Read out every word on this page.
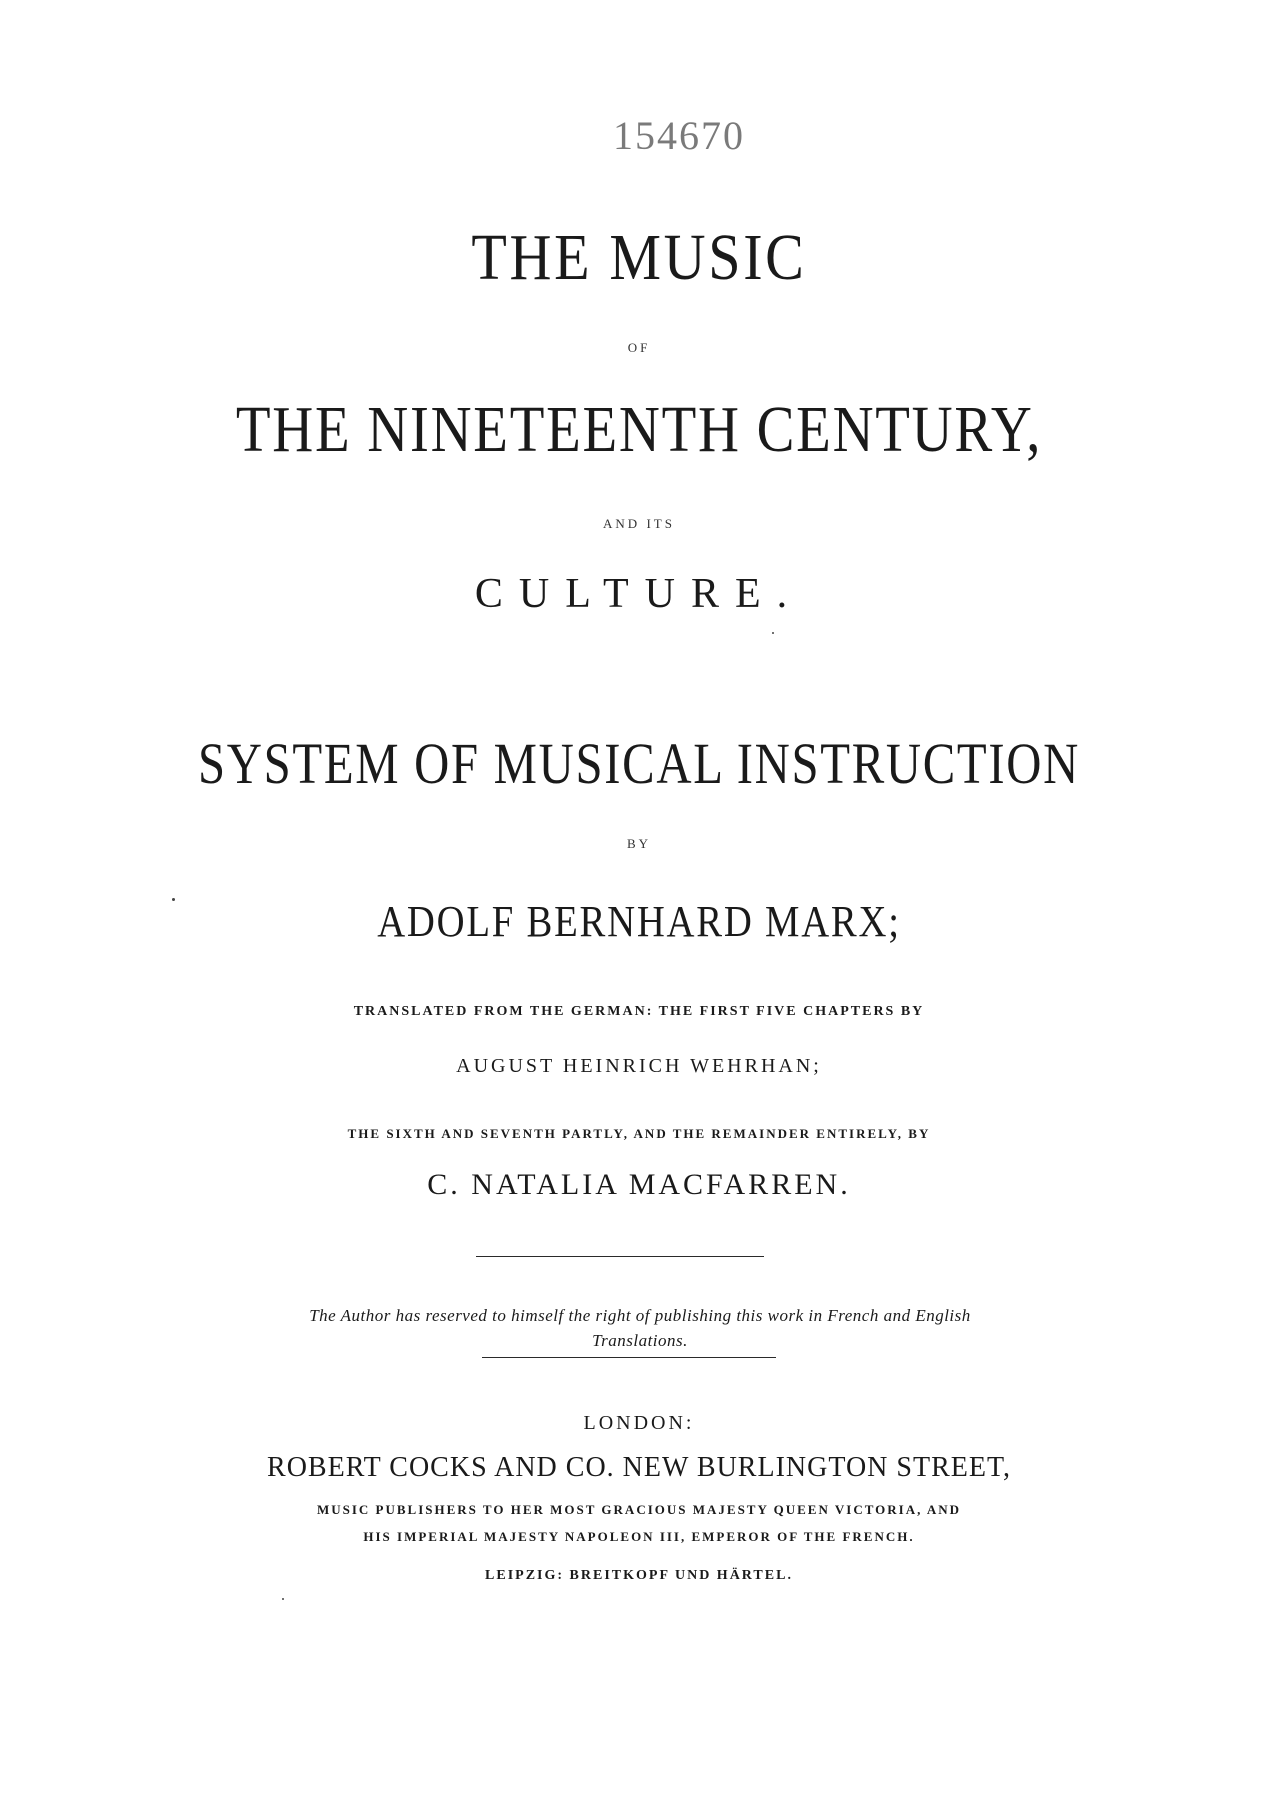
154670

THE MUSIC

OF

THE NINETEENTH CENTURY,

AND ITS

CULTURE.

SYSTEM OF MUSICAL INSTRUCTION

BY

ADOLF BERNHARD MARX;

TRANSLATED FROM THE GERMAN: THE FIRST FIVE CHAPTERS BY

AUGUST HEINRICH WEHRHAN;

THE SIXTH AND SEVENTH PARTLY, AND THE REMAINDER ENTIRELY, BY

C. NATALIA MACFARREN.

The Author has reserved to himself the right of publishing this work in French and English Translations.

LONDON:

ROBERT COCKS AND CO. NEW BURLINGTON STREET,

MUSIC PUBLISHERS TO HER MOST GRACIOUS MAJESTY QUEEN VICTORIA, AND

HIS IMPERIAL MAJESTY NAPOLEON III, EMPEROR OF THE FRENCH.

LEIPZIG: BREITKOPF UND HÄRTEL.
